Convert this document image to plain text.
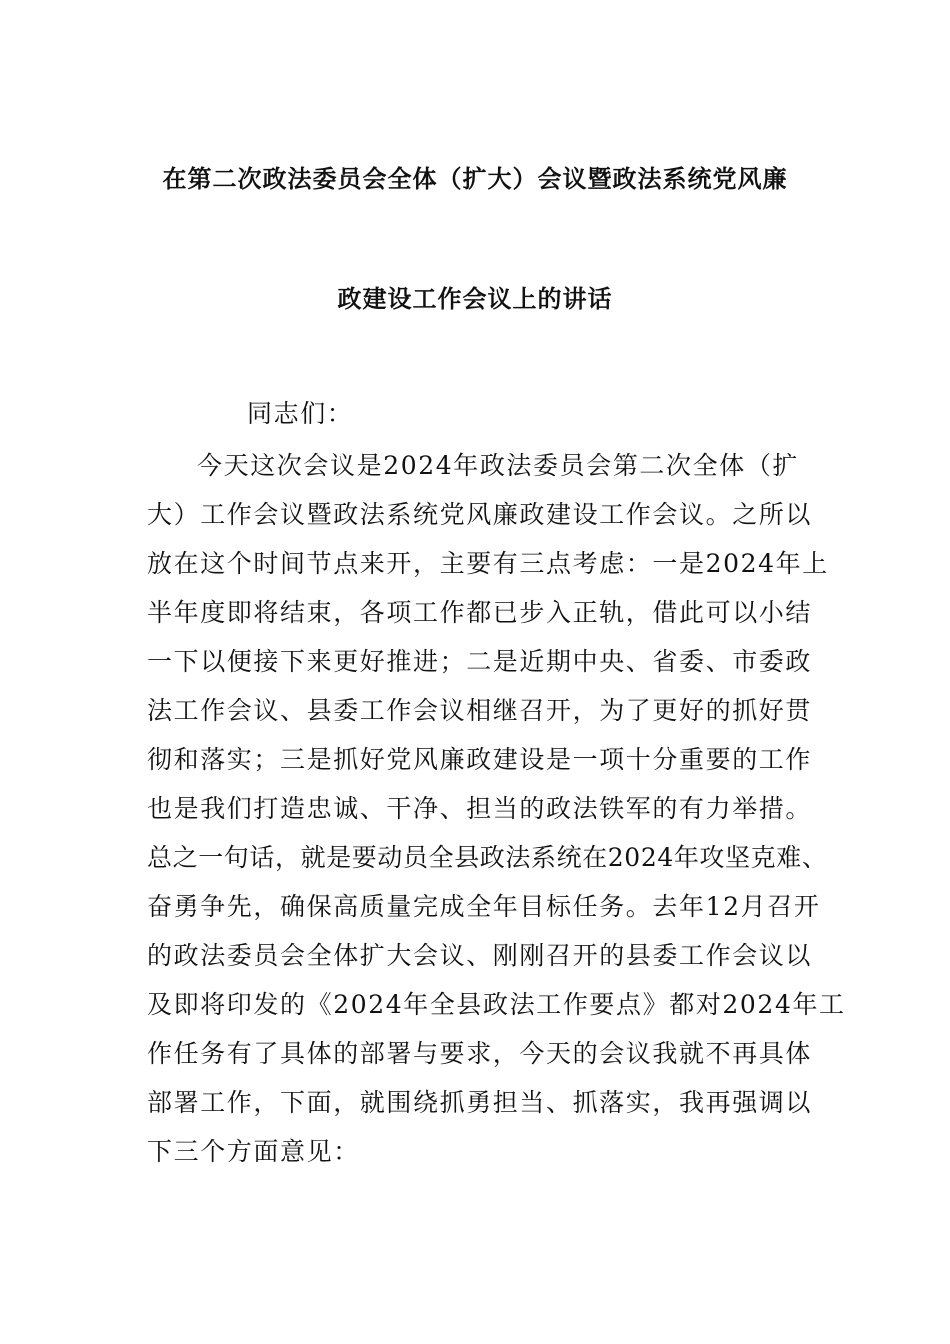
在第二次政法委员会全体（扩大）会议暨政法系统党风廉
政建设工作会议上的讲话
同志们：
今天这次会议是2024年政法委员会第二次全体（扩
大）工作会议暨政法系统党风廉政建设工作会议。之所以
放在这个时间节点来开，主要有三点考虑：一是2024年上
半年度即将结束，各项工作都已步入正轨，借此可以小结
一下以便接下来更好推进；二是近期中央、省委、市委政
法工作会议、县委工作会议相继召开，为了更好的抓好贯
彻和落实；三是抓好党风廉政建设是一项十分重要的工作
也是我们打造忠诚、干净、担当的政法铁军的有力举措。
总之一句话，就是要动员全县政法系统在2024年攻坚克难、
奋勇争先，确保高质量完成全年目标任务。去年12月召开
的政法委员会全体扩大会议、刚刚召开的县委工作会议以
及即将印发的《2024年全县政法工作要点》都对2024年工
作任务有了具体的部署与要求，今天的会议我就不再具体
部署工作，下面，就围绕抓勇担当、抓落实，我再强调以
下三个方面意见：
